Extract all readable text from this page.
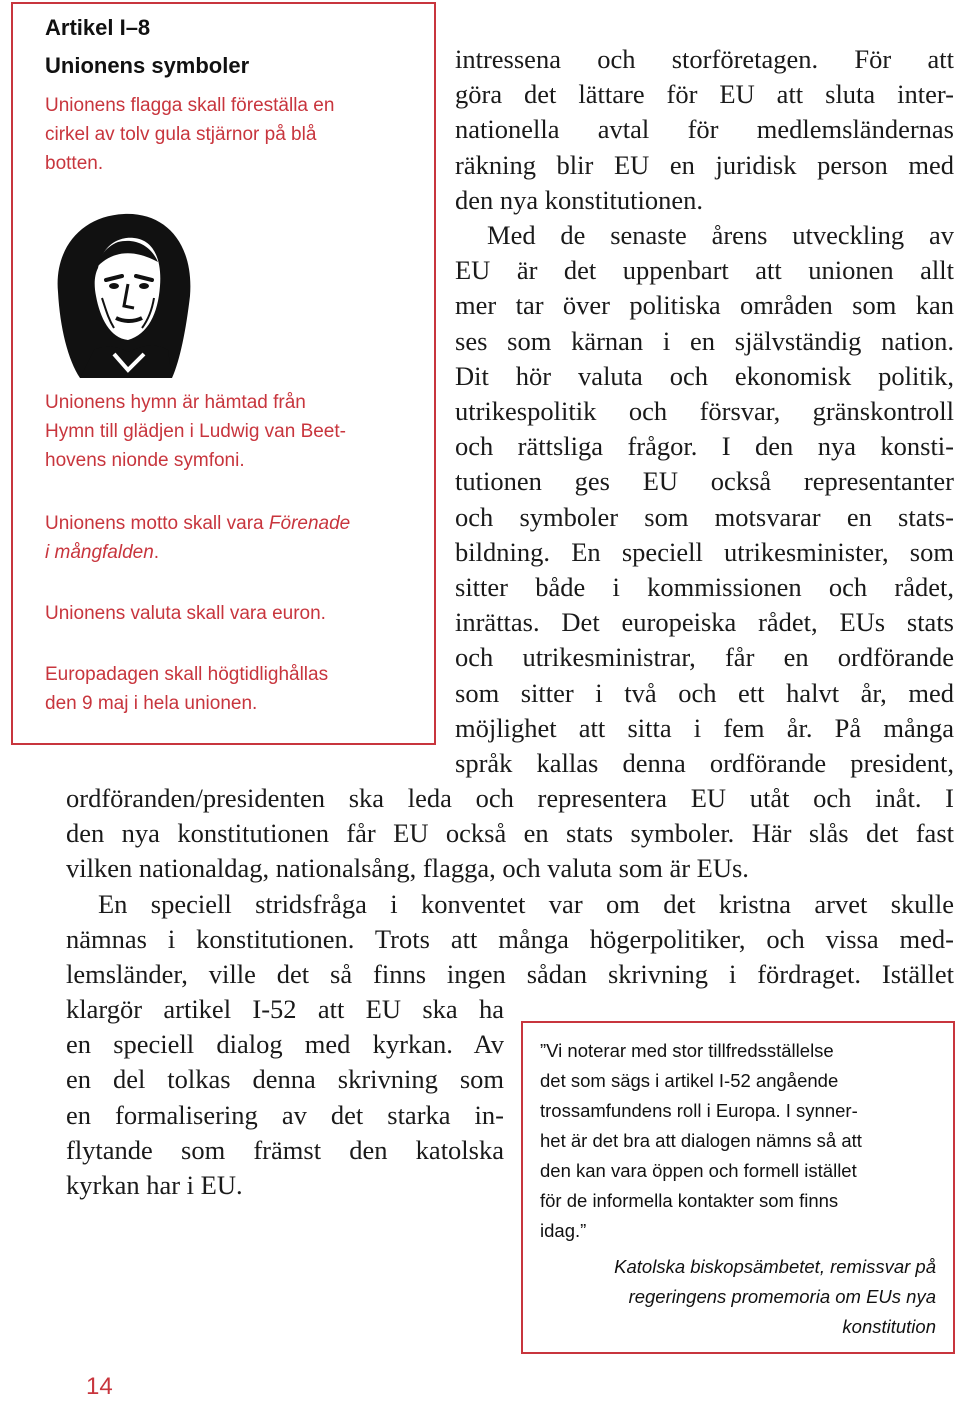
Artikel I–8
Unionens symboler
Unionens flagga skall föreställa en
cirkel av tolv gula stjärnor på blå
botten.
Unionens hymn är hämtad från
Hymn till glädjen i Ludwig van Beet-
hovens nionde symfoni.
Unionens motto skall vara Förenade
i mångfalden.
Unionens valuta skall vara euron.
Europadagen skall högtidlighållas
den 9 maj i hela unionen.
intressena och storföretagen. För att
göra det lättare för EU att sluta inter-
nationella avtal för medlemsländernas
räkning blir EU en juridisk person med
den nya konstitutionen.
Med de senaste årens utveckling av
EU är det uppenbart att unionen allt
mer tar över politiska områden som kan
ses som kärnan i en självständig nation.
Dit hör valuta och ekonomisk politik,
utrikespolitik och försvar, gränskontroll
och rättsliga frågor. I den nya konsti-
tutionen ges EU också representanter
och symboler som motsvarar en stats-
bildning. En speciell utrikesminister, som
sitter både i kommissionen och rådet,
inrättas. Det europeiska rådet, EUs stats
och utrikesministrar, får en ordförande
som sitter i två och ett halvt år, med
möjlighet att sitta i fem år. På många
språk kallas denna ordförande president,
ordföranden/presidenten ska leda och representera EU utåt och inåt. I
den nya konstitutionen får EU också en stats symboler. Här slås det fast
vilken nationaldag, nationalsång, flagga, och valuta som är EUs.
En speciell stridsfråga i konventet var om det kristna arvet skulle
nämnas i konstitutionen. Trots att många högerpolitiker, och vissa med-
lemsländer, ville det så finns ingen sådan skrivning i fördraget. Istället
klargör artikel I-52 att EU ska ha
en speciell dialog med kyrkan. Av
en del tolkas denna skrivning som
en formalisering av det starka in-
flytande som främst den katolska
kyrkan har i EU.
”Vi noterar med stor tillfredsställelse
det som sägs i artikel I-52 angående
trossamfundens roll i Europa. I synner-
het är det bra att dialogen nämns så att
den kan vara öppen och formell istället
för de informella kontakter som finns
idag.”
Katolska biskopsämbetet, remissvar på
regeringens promemoria om EUs nya
konstitution
14
